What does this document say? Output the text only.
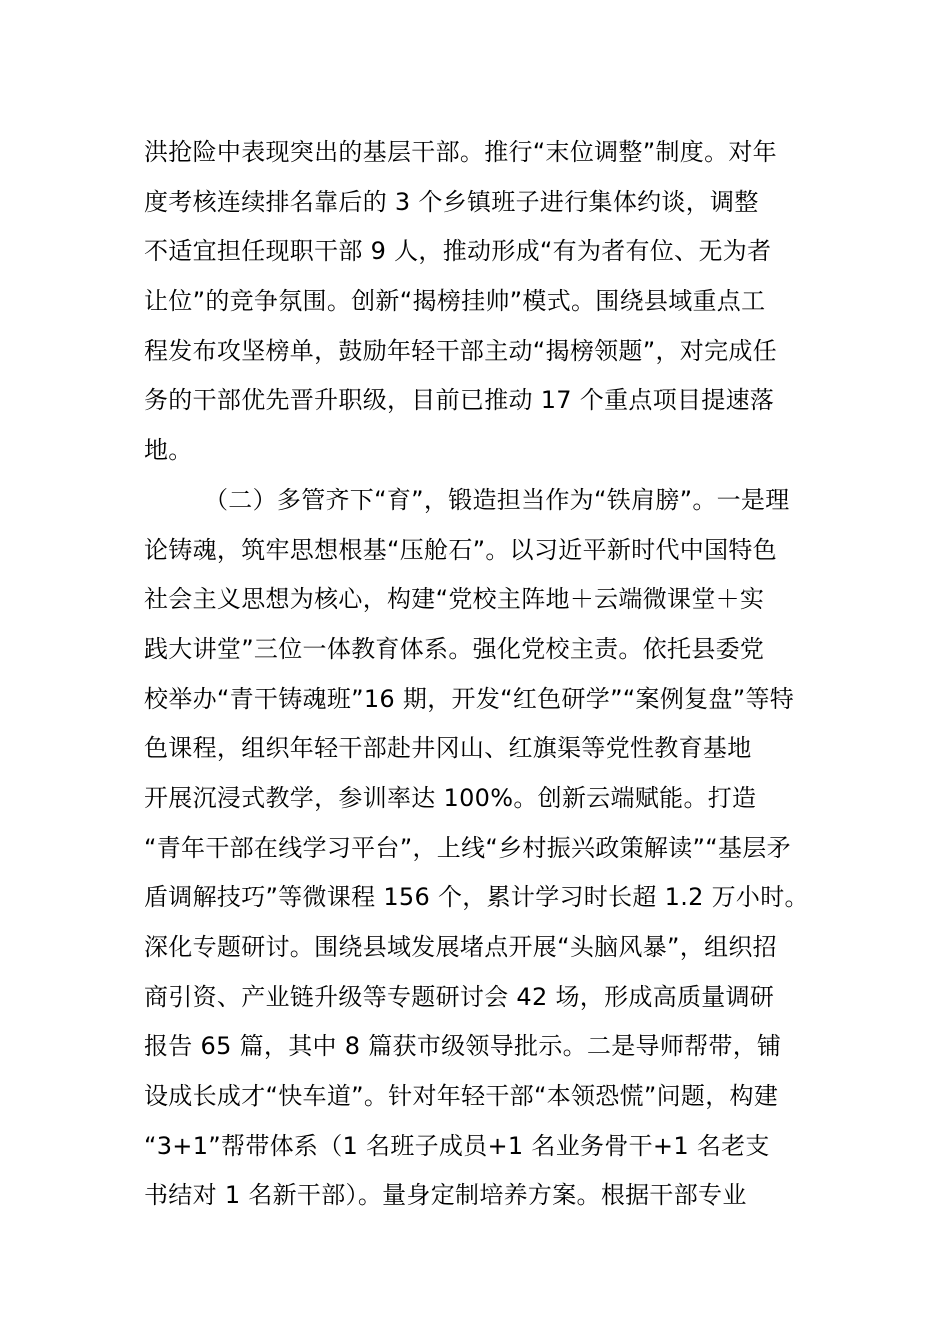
洪抢险中表现突出的基层干部。推行“末位调整”制度。对年
度考核连续排名靠后的 3 个乡镇班子进行集体约谈，调整
不适宜担任现职干部 9 人，推动形成“有为者有位、无为者
让位”的竞争氛围。创新“揭榜挂帅”模式。围绕县域重点工
程发布攻坚榜单，鼓励年轻干部主动“揭榜领题”，对完成任
务的干部优先晋升职级，目前已推动 17 个重点项目提速落
地。
（二）多管齐下“育”，锻造担当作为“铁肩膀”。一是理
论铸魂，筑牢思想根基“压舱石”。以习近平新时代中国特色
社会主义思想为核心，构建“党校主阵地＋云端微课堂＋实
践大讲堂”三位一体教育体系。强化党校主责。依托县委党
校举办“青干铸魂班”16 期，开发“红色研学”“案例复盘”等特
色课程，组织年轻干部赴井冈山、红旗渠等党性教育基地
开展沉浸式教学，参训率达 100%。创新云端赋能。打造
“青年干部在线学习平台”，上线“乡村振兴政策解读”“基层矛
盾调解技巧”等微课程 156 个，累计学习时长超 1.2 万小时。
深化专题研讨。围绕县域发展堵点开展“头脑风暴”，组织招
商引资、产业链升级等专题研讨会 42 场，形成高质量调研
报告 65 篇，其中 8 篇获市级领导批示。二是导师帮带，铺
设成长成才“快车道”。针对年轻干部“本领恐慌”问题，构建
“3+1”帮带体系（1 名班子成员+1 名业务骨干+1 名老支
书结对 1 名新干部）。量身定制培养方案。根据干部专业
